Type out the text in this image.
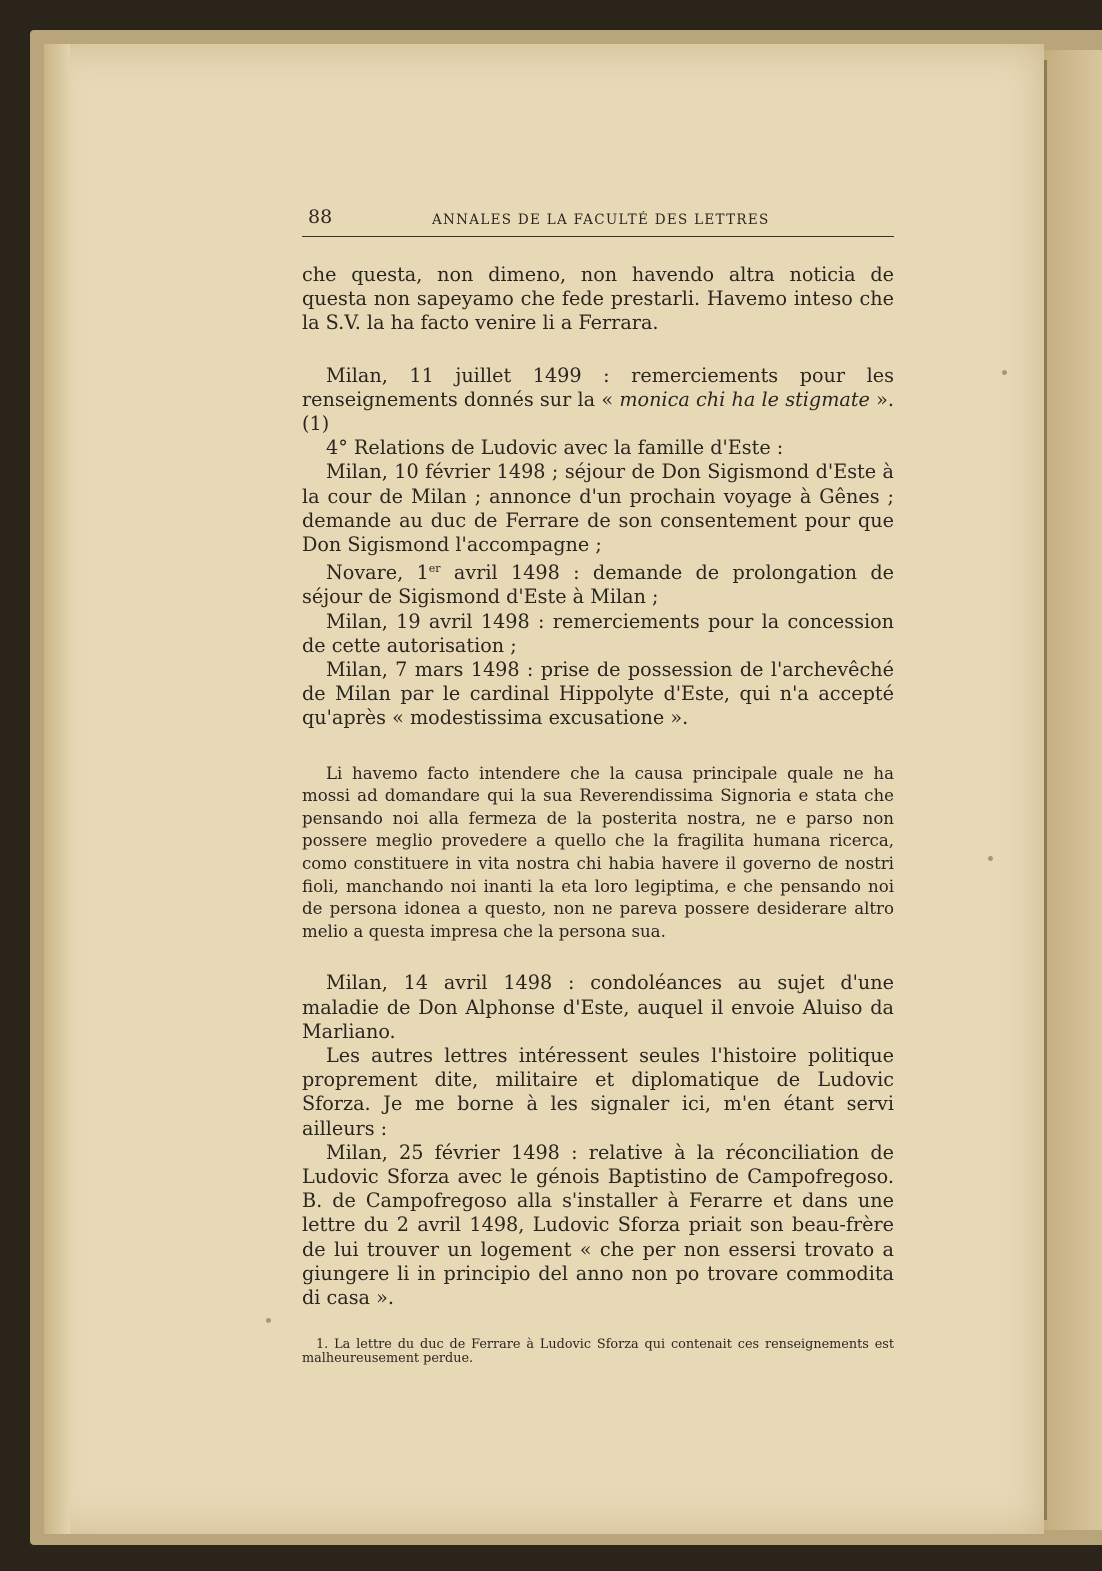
88	ANNALES DE LA FACULTÉ DES LETTRES

che questa, non dimeno, non havendo altra noticia de questa non sapeyamo che fede prestarli. Havemo inteso che la S.V. la ha facto venire li a Ferrara.

Milan, 11 juillet 1499 : remerciements pour les renseignements donnés sur la « monica chi ha le stigmate ». (1)

4° Relations de Ludovic avec la famille d'Este :

Milan, 10 février 1498 ; séjour de Don Sigismond d'Este à la cour de Milan ; annonce d'un prochain voyage à Gênes ; demande au duc de Ferrare de son consentement pour que Don Sigismond l'accompagne ;

Novare, 1er avril 1498 : demande de prolongation de séjour de Sigismond d'Este à Milan ;

Milan, 19 avril 1498 : remerciements pour la concession de cette autorisation ;

Milan, 7 mars 1498 : prise de possession de l'archevêché de Milan par le cardinal Hippolyte d'Este, qui n'a accepté qu'après « modestissima excusatione ».

Li havemo facto intendere che la causa principale quale ne ha mossi ad domandare qui la sua Reverendissima Signoria e stata che pensando noi alla fermeza de la posterita nostra, ne e parso non possere meglio provedere a quello che la fragilita humana ricerca, como constituere in vita nostra chi habia havere il governo de nostri fioli, manchando noi inanti la eta loro legiptima, e che pensando noi de persona idonea a questo, non ne pareva possere desiderare altro melio a questa impresa che la persona sua.

Milan, 14 avril 1498 : condoléances au sujet d'une maladie de Don Alphonse d'Este, auquel il envoie Aluiso da Marliano.

Les autres lettres intéressent seules l'histoire politique proprement dite, militaire et diplomatique de Ludovic Sforza. Je me borne à les signaler ici, m'en étant servi ailleurs :

Milan, 25 février 1498 : relative à la réconciliation de Ludovic Sforza avec le génois Baptistino de Campofregoso. B. de Campofregoso alla s'installer à Ferarre et dans une lettre du 2 avril 1498, Ludovic Sforza priait son beau-frère de lui trouver un logement « che per non essersi trovato a giungere li in principio del anno non po trovare commodita di casa ».

1. La lettre du duc de Ferrare à Ludovic Sforza qui contenait ces renseignements est malheureusement perdue.
